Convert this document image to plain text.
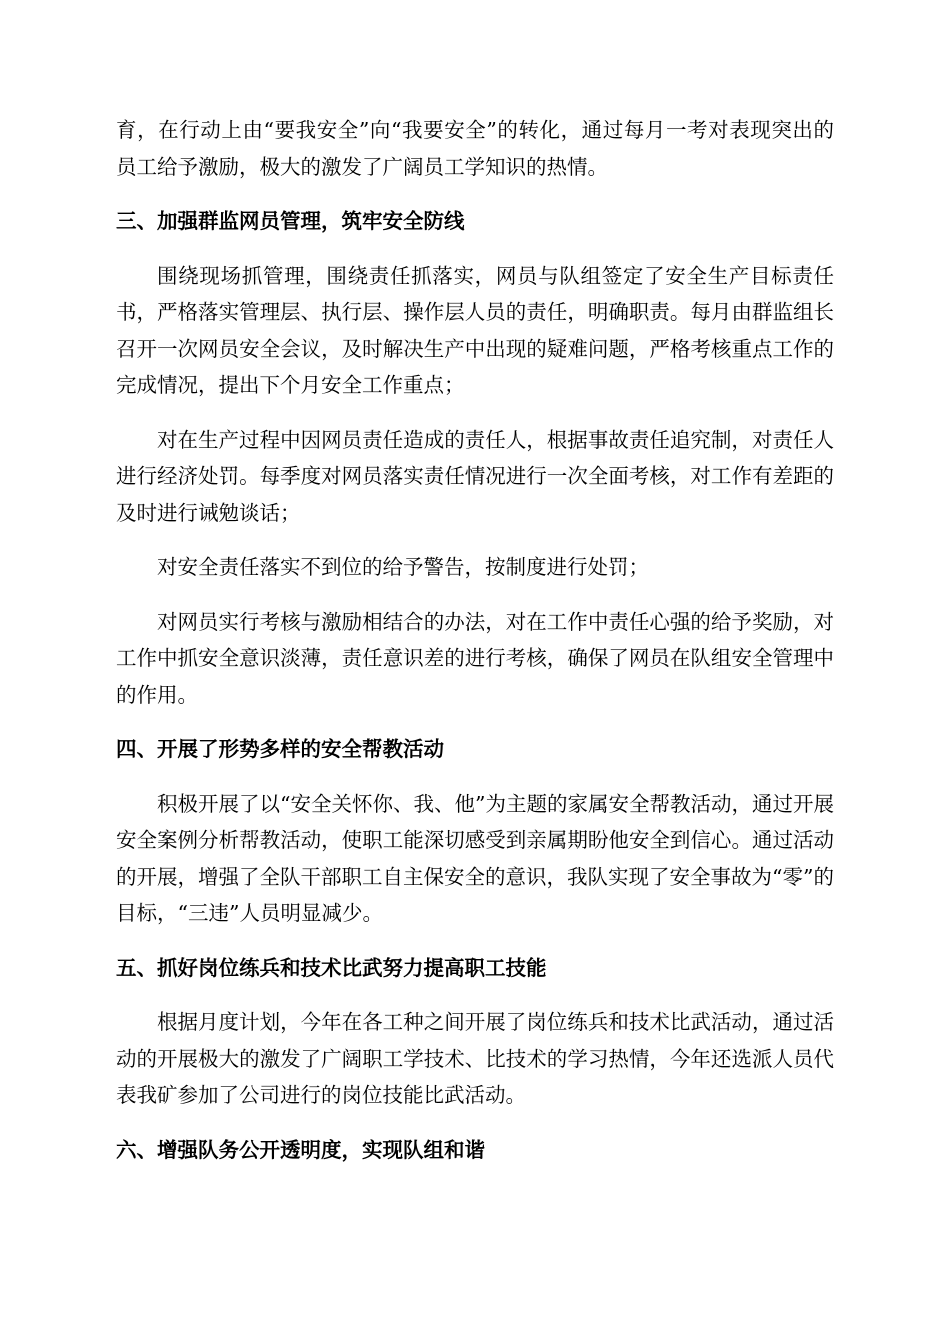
育，在行动上由“要我安全”向“我要安全”的转化，通过每月一考对表现突出的员工给予激励，极大的激发了广阔员工学知识的热情。

三、加强群监网员管理，筑牢安全防线

围绕现场抓管理，围绕责任抓落实，网员与队组签定了安全生产目标责任书，严格落实管理层、执行层、操作层人员的责任，明确职责。每月由群监组长召开一次网员安全会议，及时解决生产中出现的疑难问题，严格考核重点工作的完成情况，提出下个月安全工作重点；

对在生产过程中因网员责任造成的责任人，根据事故责任追究制，对责任人进行经济处罚。每季度对网员落实责任情况进行一次全面考核，对工作有差距的及时进行诫勉谈话；

对安全责任落实不到位的给予警告，按制度进行处罚；

对网员实行考核与激励相结合的办法，对在工作中责任心强的给予奖励，对工作中抓安全意识淡薄，责任意识差的进行考核，确保了网员在队组安全管理中的作用。

四、开展了形势多样的安全帮教活动

积极开展了以“安全关怀你、我、他”为主题的家属安全帮教活动，通过开展安全案例分析帮教活动，使职工能深切感受到亲属期盼他安全到信心。通过活动的开展，增强了全队干部职工自主保安全的意识，我队实现了安全事故为“零”的目标，“三违”人员明显减少。

五、抓好岗位练兵和技术比武努力提高职工技能

根据月度计划，今年在各工种之间开展了岗位练兵和技术比武活动，通过活动的开展极大的激发了广阔职工学技术、比技术的学习热情，今年还选派人员代表我矿参加了公司进行的岗位技能比武活动。

六、增强队务公开透明度，实现队组和谐
